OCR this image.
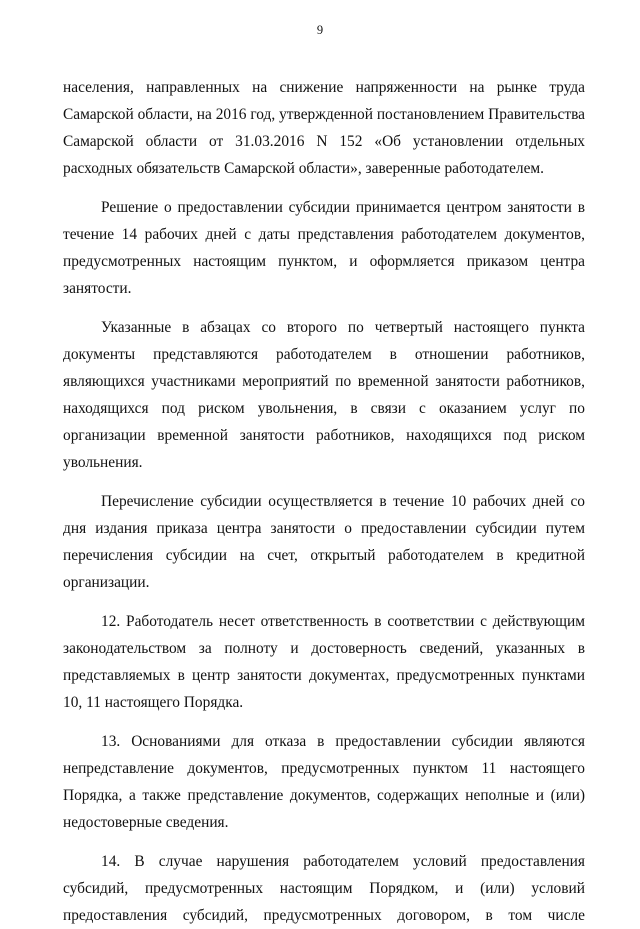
9

населения, направленных на снижение напряженности на рынке труда Самарской области, на 2016 год, утвержденной постановлением Правительства Самарской области от 31.03.2016 N 152 «Об установлении отдельных расходных обязательств Самарской области», заверенные работодателем.

Решение о предоставлении субсидии принимается центром занятости в течение 14 рабочих дней с даты представления работодателем документов, предусмотренных настоящим пунктом, и оформляется приказом центра занятости.

Указанные в абзацах со второго по четвертый настоящего пункта документы представляются работодателем в отношении работников, являющихся участниками мероприятий по временной занятости работников, находящихся под риском увольнения, в связи с оказанием услуг по организации временной занятости работников, находящихся под риском увольнения.

Перечисление субсидии осуществляется в течение 10 рабочих дней со дня издания приказа центра занятости о предоставлении субсидии путем перечисления субсидии на счет, открытый работодателем в кредитной организации.

12. Работодатель несет ответственность в соответствии с действующим законодательством за полноту и достоверность сведений, указанных в представляемых в центр занятости документах, предусмотренных пунктами 10, 11 настоящего Порядка.

13. Основаниями для отказа в предоставлении субсидии являются непредставление документов, предусмотренных пунктом 11 настоящего Порядка, а также представление документов, содержащих неполные и (или) недостоверные сведения.

14. В случае нарушения работодателем условий предоставления субсидий, предусмотренных настоящим Порядком, и (или) условий предоставления субсидий, предусмотренных договором, в том числе
